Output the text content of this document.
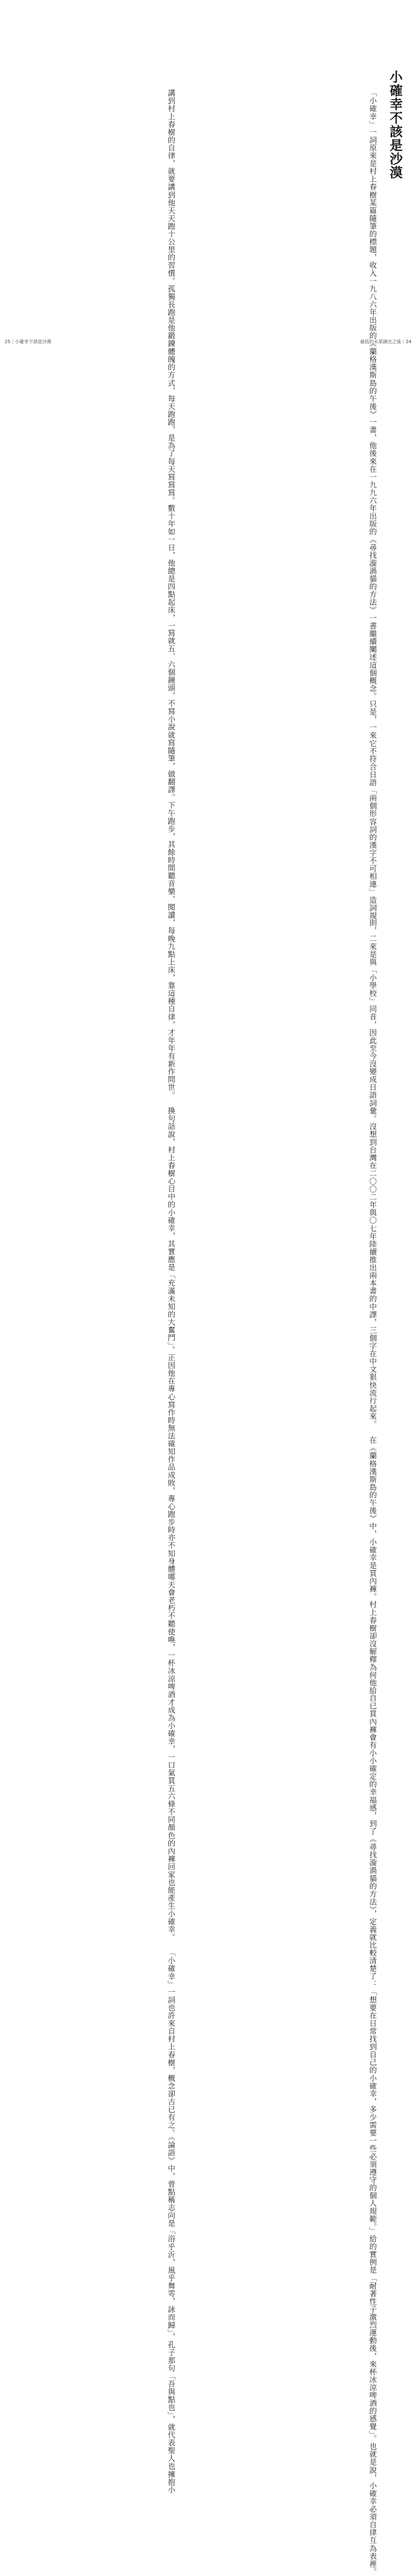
小確幸不該是沙漠
「小確幸」一詞原來是村上春樹某篇隨筆的標題，收入一九八六年出版的《蘭
格漢斯島的午後》一書，他後來在一九九六年出版的《尋找漩渦貓的方法》一書繼
續闡述這個概念。只是，一來它不符合日語「兩個形容詞的漢字不可相連」造詞規
則，二來是與「小學校」同音，因此至今沒變成日語詞彙。沒想到台灣在二〇〇二
年與〇七年陸續推出兩本書的中譯，三個字在中文狠快流行起來。
在《蘭格漢斯島的午後》中，小確幸是買內褲。村上春樹卻沒解釋為何他給
自已買內褲會有小小確定的幸福感，到了《尋找漩渦貓的方法》，定義就比較清楚
了：「想要在日常找到自己的小確幸，多少需要一些必須遵守的個人規範。」給的
實例是「耐著性子激烈運動後，來杯冰涼啤酒的感覺」。也就是說，小確幸必須
自律互為表裡。
講到村上春樹的自律，就要講到他天天跑十公里的習慣。孤獨長跑是他鍛鍊體
魄的方式，每天跑跑，是為了每天寫寫寫。數十年如一日，他總是四點起床，一
寫就五、六個鐘頭，不寫小說就寫隨筆，做翻譯。下午跑步，其餘時間聽音樂、閱
讀，每晚九點上床，靠這種自律，才年年有新作問世。
換句話說，村上春樹心目中的小確幸，其實應是「充滿未知的大奮鬥」。正因
他在專心寫作時無法確知作品成敗，專心跑步時亦不知身體哪天會老朽不聽使喚，
一杯冰涼啤酒才成為小確幸，一口氣買五六條不同顏色的內褲回家也能產生小確
幸。
「小確幸」一詞也許來自村上春樹，概念卻古已有之。《論語》中，曾點稱志向
是「浴乎沂，風乎舞雩，詠而歸」，孔子那句「吾與點也」，就代表聖人也擁抱小
25｜小確幸不該是沙漠	最低的水果摘完之後｜24
